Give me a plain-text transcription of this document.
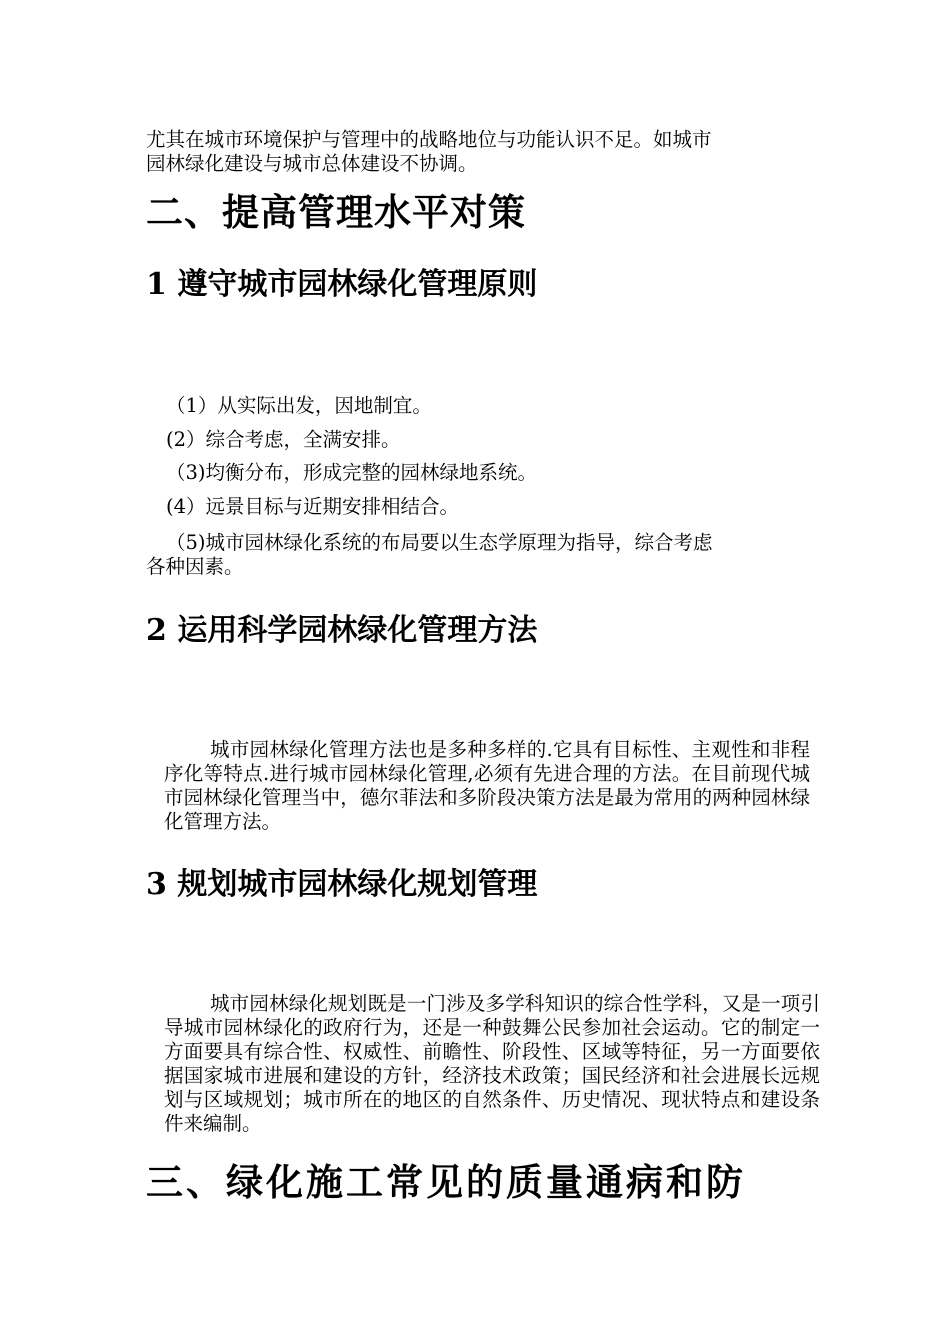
尤其在城市环境保护与管理中的战略地位与功能认识不足。如城市

园林绿化建设与城市总体建设不协调。

二、提高管理水平对策
1 遵守城市园林绿化管理原则
（1）从实际出发，因地制宜。
(2）综合考虑，全满安排。
（3)均衡分布，形成完整的园林绿地系统。
(4）远景目标与近期安排相结合。
（5)城市园林绿化系统的布局要以生态学原理为指导，综合考虑
各种因素。
2 运用科学园林绿化管理方法

城市园林绿化管理方法也是多种多样的.它具有目标性、主观性和非程序化等特点.进行城市园林绿化管理,必须有先进合理的方法。在目前现代城市园林绿化管理当中，德尔菲法和多阶段决策方法是最为常用的两种园林绿化管理方法。

3 规划城市园林绿化规划管理

城市园林绿化规划既是一门涉及多学科知识的综合性学科，又是一项引导城市园林绿化的政府行为，还是一种鼓舞公民参加社会运动。它的制定一方面要具有综合性、权威性、前瞻性、阶段性、区域等特征，另一方面要依据国家城市进展和建设的方针，经济技术政策；国民经济和社会进展长远规划与区域规划；城市所在的地区的自然条件、历史情况、现状特点和建设条件来编制。

三、绿化施工常见的质量通病和防
